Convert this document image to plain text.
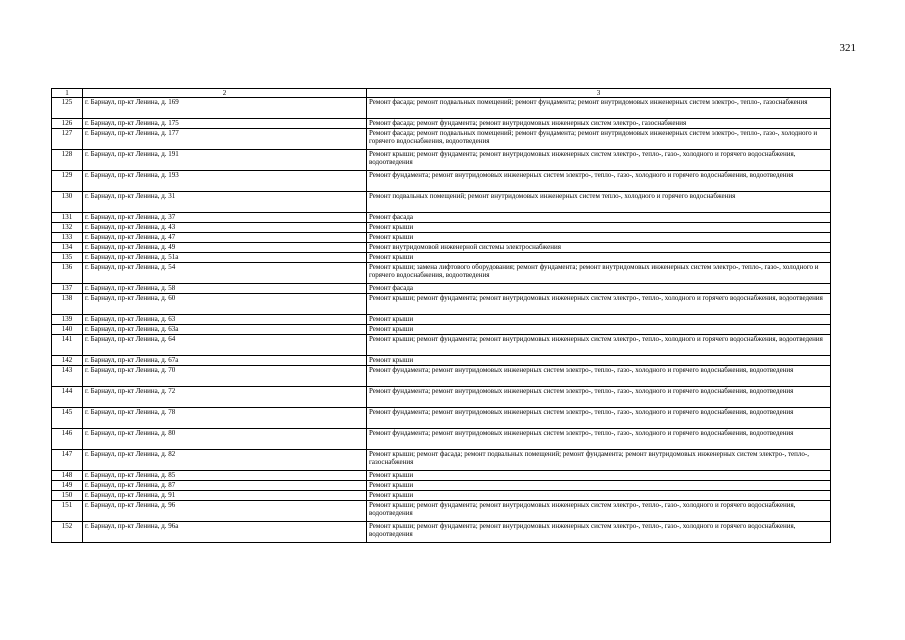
321
1	2	3
125	г. Барнаул, пр-кт Ленина, д. 169	Ремонт фасада; ремонт подвальных помещений; ремонт фундамента; ремонт внутридомовых инженерных систем электро-, тепло-, газоснабжения
126	г. Барнаул, пр-кт Ленина, д. 175	Ремонт фасада; ремонт фундамента; ремонт внутридомовых инженерных систем электро-, газоснабжения
127	г. Барнаул, пр-кт Ленина, д. 177	Ремонт фасада; ремонт подвальных помещений; ремонт фундамента; ремонт внутридомовых инженерных систем электро-, тепло-, газо-, холодного и горячего водоснабжения, водоотведения
128	г. Барнаул, пр-кт Ленина, д. 191	Ремонт крыши; ремонт фундамента; ремонт внутридомовых инженерных систем электро-, тепло-, газо-, холодного и горячего водоснабжения, водоотведения
129	г. Барнаул, пр-кт Ленина, д. 193	Ремонт фундамента; ремонт внутридомовых инженерных систем электро-, тепло-, газо-, холодного и горячего водоснабжения, водоотведения
130	г. Барнаул, пр-кт Ленина, д. 31	Ремонт подвальных помещений; ремонт внутридомовых инженерных систем тепло-, холодного и горячего водоснабжения
131	г. Барнаул, пр-кт Ленина, д. 37	Ремонт фасада
132	г. Барнаул, пр-кт Ленина, д. 43	Ремонт крыши
133	г. Барнаул, пр-кт Ленина, д. 47	Ремонт крыши
134	г. Барнаул, пр-кт Ленина, д. 49	Ремонт внутридомовой инженерной системы электроснабжения
135	г. Барнаул, пр-кт Ленина, д. 51а	Ремонт крыши
136	г. Барнаул, пр-кт Ленина, д. 54	Ремонт крыши; замена лифтового оборудования; ремонт фундамента; ремонт внутридомовых инженерных систем электро-, тепло-, газо-, холодного и горячего водоснабжения, водоотведения
137	г. Барнаул, пр-кт Ленина, д. 58	Ремонт фасада
138	г. Барнаул, пр-кт Ленина, д. 60	Ремонт крыши; ремонт фундамента; ремонт внутридомовых инженерных систем электро-, тепло-, холодного и горячего водоснабжения, водоотведения
139	г. Барнаул, пр-кт Ленина, д. 63	Ремонт крыши
140	г. Барнаул, пр-кт Ленина, д. 63а	Ремонт крыши
141	г. Барнаул, пр-кт Ленина, д. 64	Ремонт крыши; ремонт фундамента; ремонт внутридомовых инженерных систем электро-, тепло-, холодного и горячего водоснабжения, водоотведения
142	г. Барнаул, пр-кт Ленина, д. 67а	Ремонт крыши
143	г. Барнаул, пр-кт Ленина, д. 70	Ремонт фундамента; ремонт внутридомовых инженерных систем электро-, тепло-, газо-, холодного и горячего водоснабжения, водоотведения
144	г. Барнаул, пр-кт Ленина, д. 72	Ремонт фундамента; ремонт внутридомовых инженерных систем электро-, тепло-, газо-, холодного и горячего водоснабжения, водоотведения
145	г. Барнаул, пр-кт Ленина, д. 78	Ремонт фундамента; ремонт внутридомовых инженерных систем электро-, тепло-, газо-, холодного и горячего водоснабжения, водоотведения
146	г. Барнаул, пр-кт Ленина, д. 80	Ремонт фундамента; ремонт внутридомовых инженерных систем электро-, тепло-, газо-, холодного и горячего водоснабжения, водоотведения
147	г. Барнаул, пр-кт Ленина, д. 82	Ремонт крыши; ремонт фасада; ремонт подвальных помещений; ремонт фундамента; ремонт внутридомовых инженерных систем электро-, тепло-, газоснабжения
148	г. Барнаул, пр-кт Ленина, д. 85	Ремонт крыши
149	г. Барнаул, пр-кт Ленина, д. 87	Ремонт крыши
150	г. Барнаул, пр-кт Ленина, д. 91	Ремонт крыши
151	г. Барнаул, пр-кт Ленина, д. 96	Ремонт крыши; ремонт фундамента; ремонт внутридомовых инженерных систем электро-, тепло-, газо-, холодного и горячего водоснабжения, водоотведения
152	г. Барнаул, пр-кт Ленина, д. 96а	Ремонт крыши; ремонт фундамента; ремонт внутридомовых инженерных систем электро-, тепло-, газо-, холодного и горячего водоснабжения, водоотведения
